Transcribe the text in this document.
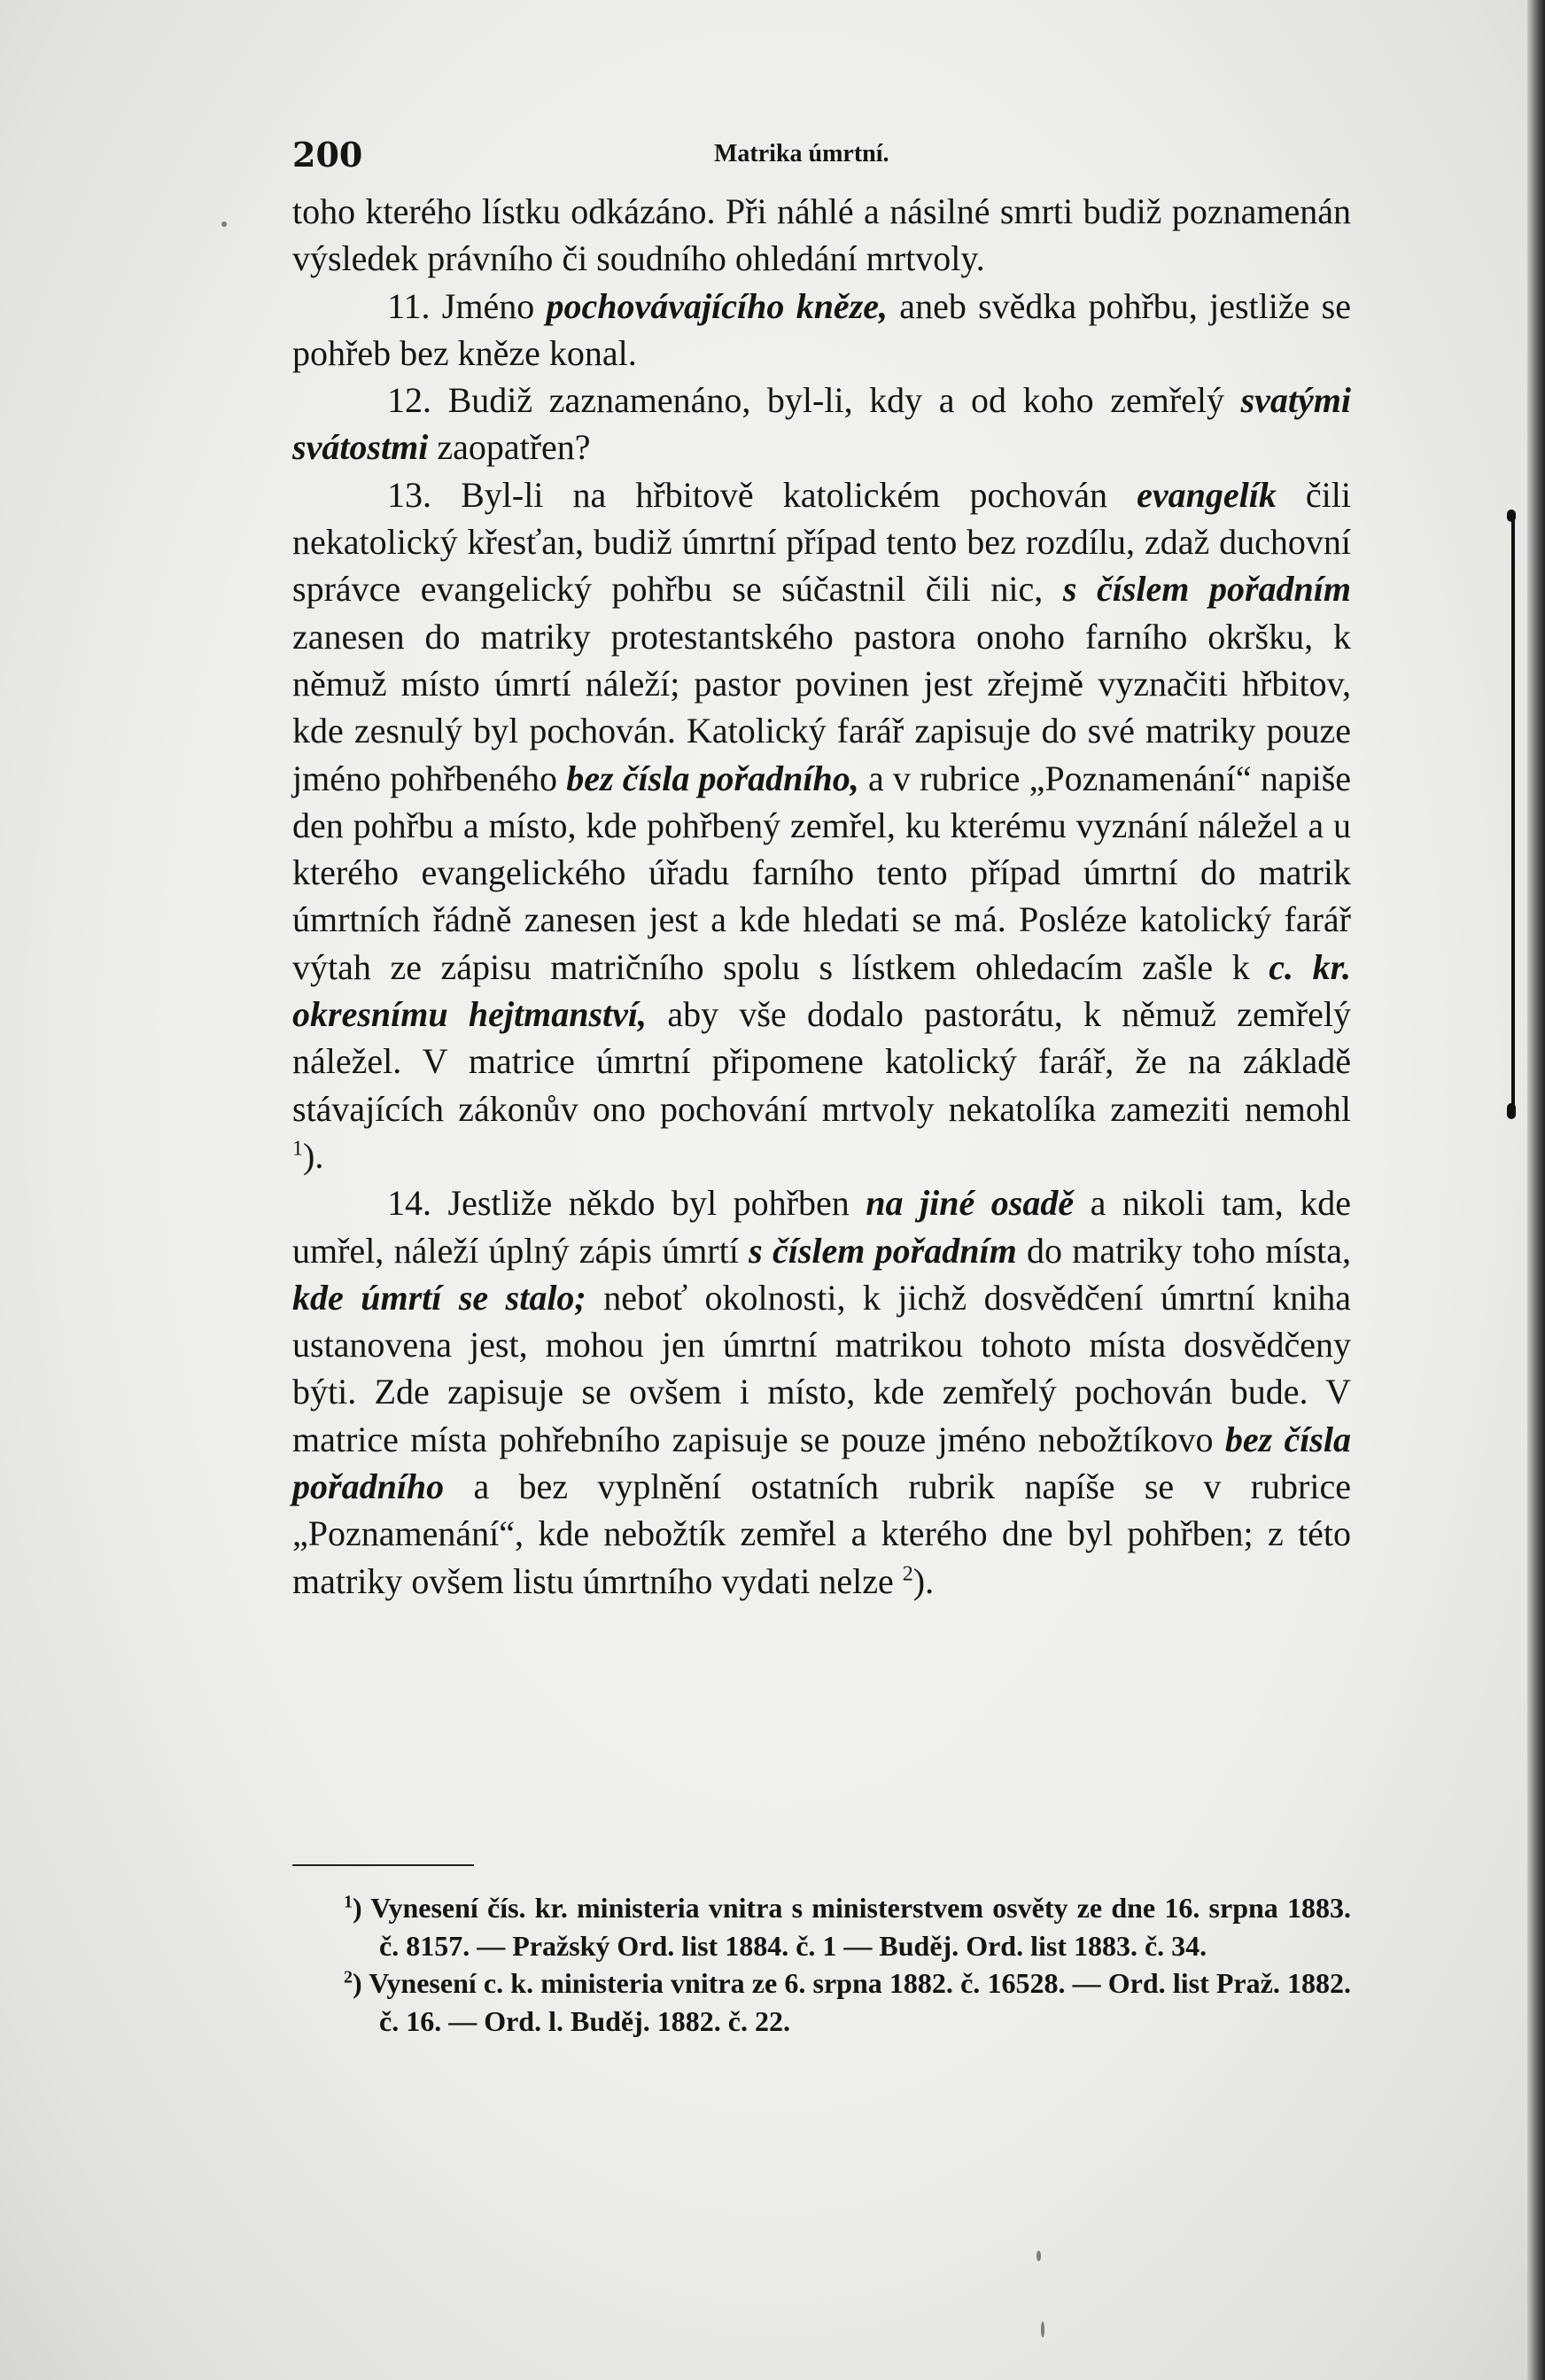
200	Matrika úmrtní.

toho kterého lístku odkázáno. Při náhlé a násilné smrti budiž poznamenán výsledek právního či soudního ohledání mrtvoly.

11. Jméno pochovávajícího kněze, aneb svědka pohřbu, jestliže se pohřeb bez kněze konal.

12. Budiž zaznamenáno, byl-li, kdy a od koho zemřelý svatými svátostmi zaopatřen?

13. Byl-li na hřbitově katolickém pochován evangelík čili nekatolický křesťan, budiž úmrtní případ tento bez rozdílu, zdaž duchovní správce evangelický pohřbu se súčastnil čili nic, s číslem pořadním zanesen do matriky protestantského pastora onoho farního okršku, k němuž místo úmrtí náleží; pastor povinen jest zřejmě vyznačiti hřbitov, kde zesnulý byl pochován. Katolický farář zapisuje do své matriky pouze jméno pohřbeného bez čísla pořadního, a v rubrice „Poznamenání“ napiše den pohřbu a místo, kde pohřbený zemřel, ku kterému vyznání náležel a u kterého evangelického úřadu farního tento případ úmrtní do matrik úmrtních řádně zanesen jest a kde hledati se má. Posléze katolický farář výtah ze zápisu matričního spolu s lístkem ohledacím zašle k c. kr. okresnímu hejtmanství, aby vše dodalo pastorátu, k němuž zemřelý náležel. V matrice úmrtní připomene katolický farář, že na základě stávajících zákonův ono pochování mrtvoly nekatolíka zameziti nemohl $^1$).

14. Jestliže někdo byl pohřben na jiné osadě a nikoli tam, kde umřel, náleží úplný zápis úmrtí s číslem pořadním do matriky toho místa, kde úmrtí se stalo; neboť okolnosti, k jichž dosvědčení úmrtní kniha ustanovena jest, mohou jen úmrtní matrikou tohoto místa dosvědčeny býti. Zde zapisuje se ovšem i místo, kde zemřelý pochován bude. V matrice místa pohřebního zapisuje se pouze jméno nebožtíkovo bez čísla pořadního a bez vyplnění ostatních rubrik napíše se v rubrice „Poznamenání“, kde nebožtík zemřel a kterého dne byl pohřben; z této matriky ovšem listu úmrtního vydati nelze $^2$).

$^1$) Vynesení čís. kr. ministeria vnitra s ministerstvem osvěty ze dne 16. srpna 1883. č. 8157. — Pražský Ord. list 1884. č. 1 — Buděj. Ord. list 1883. č. 34.

$^2$) Vynesení c. k. ministeria vnitra ze 6. srpna 1882. č. 16528. — Ord. list Praž. 1882. č. 16. — Ord. l. Buděj. 1882. č. 22.
